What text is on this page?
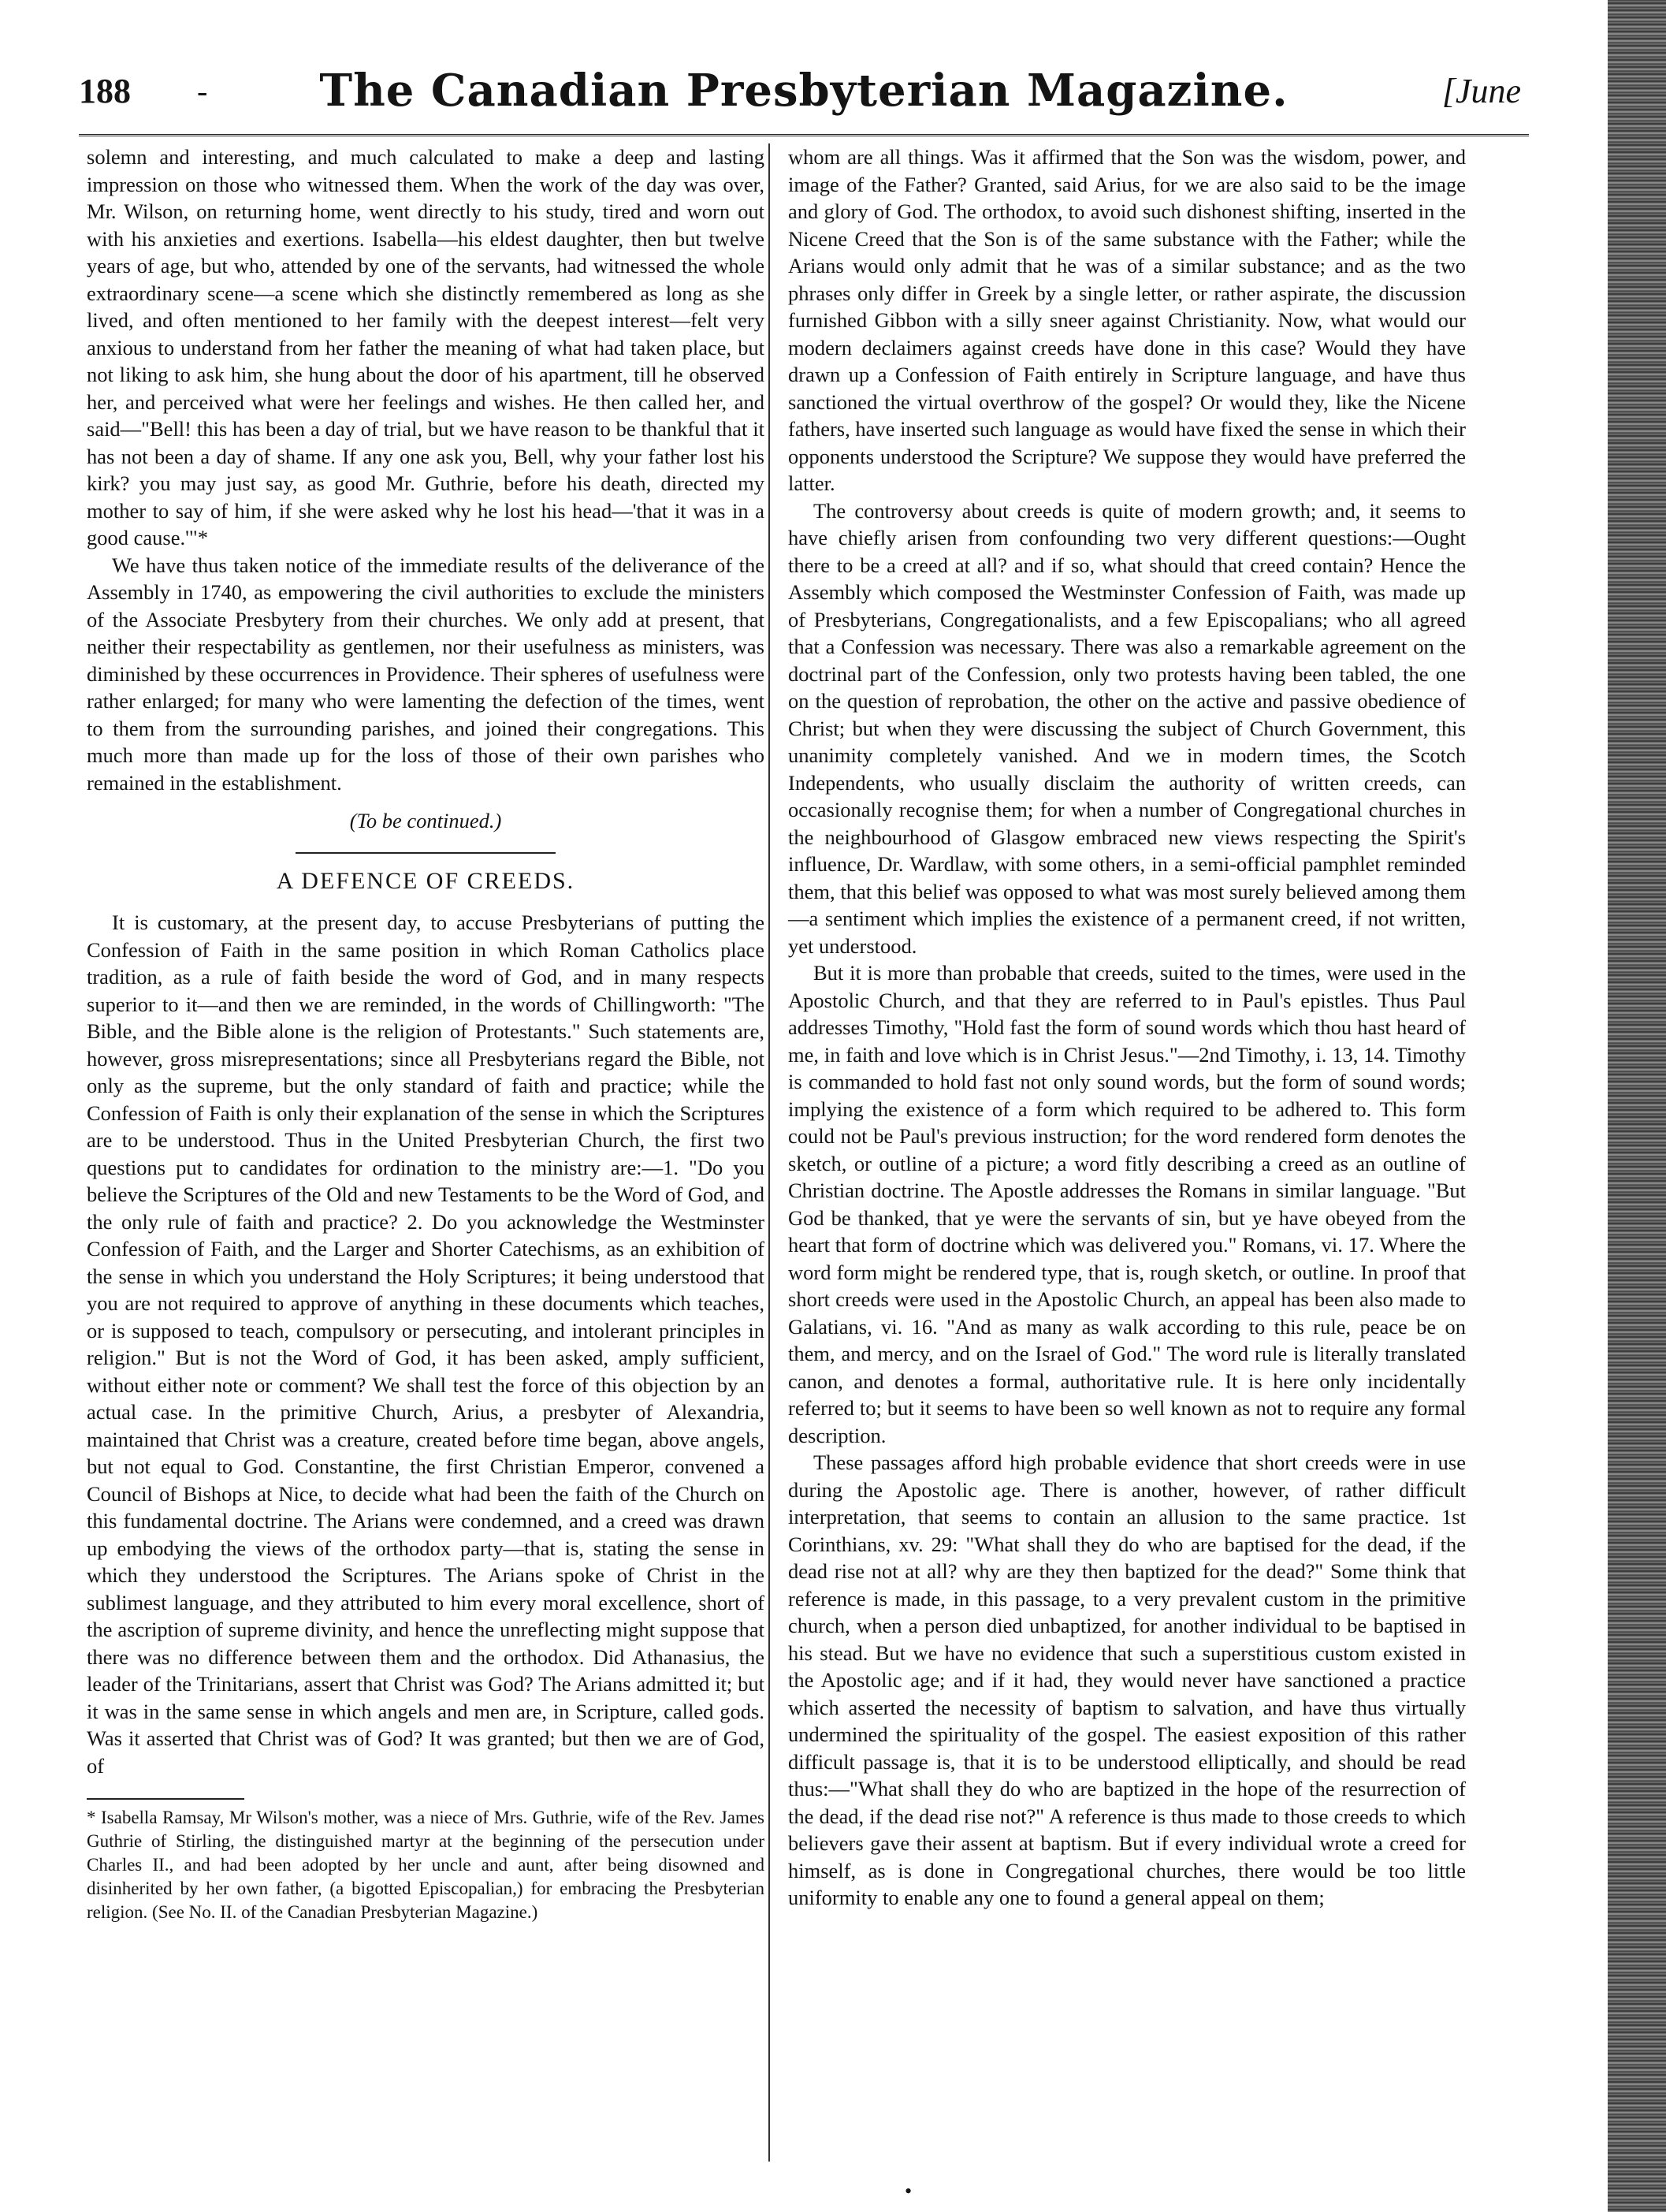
188 -	The Canadian Presbyterian Magazine.	[June

solemn and interesting, and much calculated to make a deep and lasting impression on those who witnessed them. When the work of the day was over, Mr. Wilson, on returning home, went directly to his study, tired and worn out with his anxieties and exertions. Isabella—his eldest daughter, then but twelve years of age, but who, attended by one of the servants, had witnessed the whole extraordinary scene—a scene which she distinctly remembered as long as she lived, and often mentioned to her family with the deepest interest—felt very anxious to understand from her father the meaning of what had taken place, but not liking to ask him, she hung about the door of his apartment, till he observed her, and perceived what were her feelings and wishes. He then called her, and said—"Bell! this has been a day of trial, but we have reason to be thankful that it has not been a day of shame. If any one ask you, Bell, why your father lost his kirk? you may just say, as good Mr. Guthrie, before his death, directed my mother to say of him, if she were asked why he lost his head—'that it was in a good cause.'"*

We have thus taken notice of the immediate results of the deliverance of the Assembly in 1740, as empowering the civil authorities to exclude the ministers of the Associate Presbytery from their churches. We only add at present, that neither their respectability as gentlemen, nor their usefulness as ministers, was diminished by these occurrences in Providence. Their spheres of usefulness were rather enlarged; for many who were lamenting the defection of the times, went to them from the surrounding parishes, and joined their congregations. This much more than made up for the loss of those of their own parishes who remained in the establishment.

(To be continued.)
A DEFENCE OF CREEDS.

It is customary, at the present day, to accuse Presbyterians of putting the Confession of Faith in the same position in which Roman Catholics place tradition, as a rule of faith beside the word of God, and in many respects superior to it—and then we are reminded, in the words of Chillingworth: "The Bible, and the Bible alone is the religion of Protestants." Such statements are, however, gross misrepresentations; since all Presbyterians regard the Bible, not only as the supreme, but the only standard of faith and practice; while the Confession of Faith is only their explanation of the sense in which the Scriptures are to be understood. Thus in the United Presbyterian Church, the first two questions put to candidates for ordination to the ministry are:—1. "Do you believe the Scriptures of the Old and new Testaments to be the Word of God, and the only rule of faith and practice? 2. Do you acknowledge the Westminster Confession of Faith, and the Larger and Shorter Catechisms, as an exhibition of the sense in which you understand the Holy Scriptures; it being understood that you are not required to approve of anything in these documents which teaches, or is supposed to teach, compulsory or persecuting, and intolerant principles in religion." But is not the Word of God, it has been asked, amply sufficient, without either note or comment? We shall test the force of this objection by an actual case. In the primitive Church, Arius, a presbyter of Alexandria, maintained that Christ was a creature, created before time began, above angels, but not equal to God. Constantine, the first Christian Emperor, convened a Council of Bishops at Nice, to decide what had been the faith of the Church on this fundamental doctrine. The Arians were condemned, and a creed was drawn up embodying the views of the orthodox party—that is, stating the sense in which they understood the Scriptures. The Arians spoke of Christ in the sublimest language, and they attributed to him every moral excellence, short of the ascription of supreme divinity, and hence the unreflecting might suppose that there was no difference between them and the orthodox. Did Athanasius, the leader of the Trinitarians, assert that Christ was God? The Arians admitted it; but it was in the same sense in which angels and men are, in Scripture, called gods. Was it asserted that Christ was of God? It was granted; but then we are of God, of

* Isabella Ramsay, Mr Wilson's mother, was a niece of Mrs. Guthrie, wife of the Rev. James Guthrie of Stirling, the distinguished martyr at the beginning of the persecution under Charles II., and had been adopted by her uncle and aunt, after being disowned and disinherited by her own father, (a bigotted Episcopalian,) for embracing the Presbyterian religion. (See No. II. of the Canadian Presbyterian Magazine.)

whom are all things. Was it affirmed that the Son was the wisdom, power, and image of the Father? Granted, said Arius, for we are also said to be the image and glory of God. The orthodox, to avoid such dishonest shifting, inserted in the Nicene Creed that the Son is of the same substance with the Father; while the Arians would only admit that he was of a similar substance; and as the two phrases only differ in Greek by a single letter, or rather aspirate, the discussion furnished Gibbon with a silly sneer against Christianity. Now, what would our modern declaimers against creeds have done in this case? Would they have drawn up a Confession of Faith entirely in Scripture language, and have thus sanctioned the virtual overthrow of the gospel? Or would they, like the Nicene fathers, have inserted such language as would have fixed the sense in which their opponents understood the Scripture? We suppose they would have preferred the latter.

The controversy about creeds is quite of modern growth; and, it seems to have chiefly arisen from confounding two very different questions:—Ought there to be a creed at all? and if so, what should that creed contain? Hence the Assembly which composed the Westminster Confession of Faith, was made up of Presbyterians, Congregationalists, and a few Episcopalians; who all agreed that a Confession was necessary. There was also a remarkable agreement on the doctrinal part of the Confession, only two protests having been tabled, the one on the question of reprobation, the other on the active and passive obedience of Christ; but when they were discussing the subject of Church Government, this unanimity completely vanished. And we in modern times, the Scotch Independents, who usually disclaim the authority of written creeds, can occasionally recognise them; for when a number of Congregational churches in the neighbourhood of Glasgow embraced new views respecting the Spirit's influence, Dr. Wardlaw, with some others, in a semi-official pamphlet reminded them, that this belief was opposed to what was most surely believed among them—a sentiment which implies the existence of a permanent creed, if not written, yet understood.

But it is more than probable that creeds, suited to the times, were used in the Apostolic Church, and that they are referred to in Paul's epistles. Thus Paul addresses Timothy, "Hold fast the form of sound words which thou hast heard of me, in faith and love which is in Christ Jesus."—2nd Timothy, i. 13, 14. Timothy is commanded to hold fast not only sound words, but the form of sound words; implying the existence of a form which required to be adhered to. This form could not be Paul's previous instruction; for the word rendered form denotes the sketch, or outline of a picture; a word fitly describing a creed as an outline of Christian doctrine. The Apostle addresses the Romans in similar language. "But God be thanked, that ye were the servants of sin, but ye have obeyed from the heart that form of doctrine which was delivered you." Romans, vi. 17. Where the word form might be rendered type, that is, rough sketch, or outline. In proof that short creeds were used in the Apostolic Church, an appeal has been also made to Galatians, vi. 16. "And as many as walk according to this rule, peace be on them, and mercy, and on the Israel of God." The word rule is literally translated canon, and denotes a formal, authoritative rule. It is here only incidentally referred to; but it seems to have been so well known as not to require any formal description.

These passages afford high probable evidence that short creeds were in use during the Apostolic age. There is another, however, of rather difficult interpretation, that seems to contain an allusion to the same practice. 1st Corinthians, xv. 29: "What shall they do who are baptised for the dead, if the dead rise not at all? why are they then baptized for the dead?" Some think that reference is made, in this passage, to a very prevalent custom in the primitive church, when a person died unbaptized, for another individual to be baptised in his stead. But we have no evidence that such a superstitious custom existed in the Apostolic age; and if it had, they would never have sanctioned a practice which asserted the necessity of baptism to salvation, and have thus virtually undermined the spirituality of the gospel. The easiest exposition of this rather difficult passage is, that it is to be understood elliptically, and should be read thus:—"What shall they do who are baptized in the hope of the resurrection of the dead, if the dead rise not?" A reference is thus made to those creeds to which believers gave their assent at baptism. But if every individual wrote a creed for himself, as is done in Congregational churches, there would be too little uniformity to enable any one to found a general appeal on them;

•
